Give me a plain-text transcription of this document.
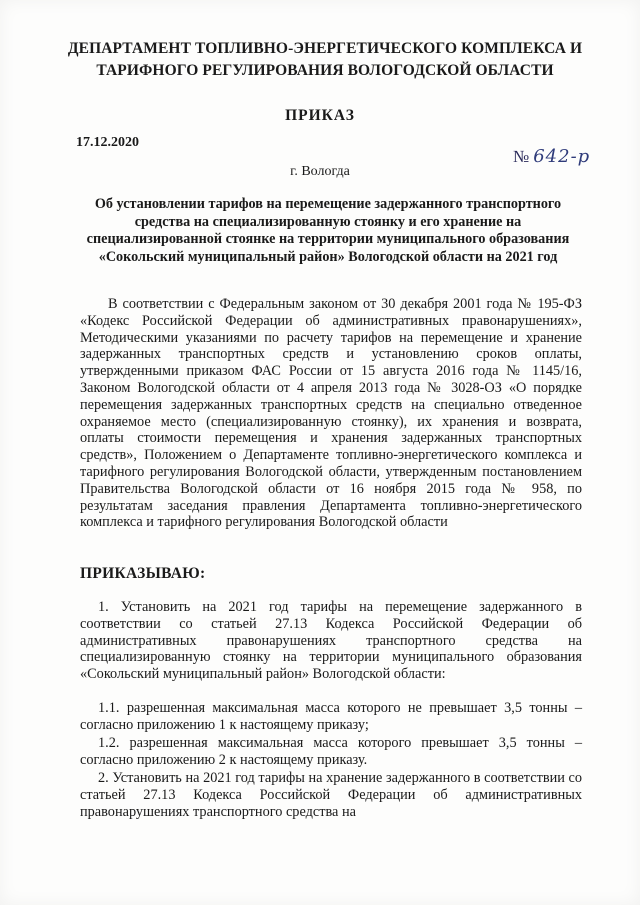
ДЕПАРТАМЕНТ ТОПЛИВНО-ЭНЕРГЕТИЧЕСКОГО КОМПЛЕКСА И ТАРИФНОГО РЕГУЛИРОВАНИЯ ВОЛОГОДСКОЙ ОБЛАСТИ
ПРИКАЗ
17.12.2020
№ 642-р
г. Вологда
Об установлении тарифов на перемещение задержанного транспортного средства на специализированную стоянку и его хранение на специализированной стоянке на территории муниципального образования «Сокольский муниципальный район» Вологодской области на 2021 год
В соответствии с Федеральным законом от 30 декабря 2001 года № 195-ФЗ «Кодекс Российской Федерации об административных правонарушениях», Методическими указаниями по расчету тарифов на перемещение и хранение задержанных транспортных средств и установлению сроков оплаты, утвержденными приказом ФАС России от 15 августа 2016 года № 1145/16, Законом Вологодской области от 4 апреля 2013 года № 3028-ОЗ «О порядке перемещения задержанных транспортных средств на специально отведенное охраняемое место (специализированную стоянку), их хранения и возврата, оплаты стоимости перемещения и хранения задержанных транспортных средств», Положением о Департаменте топливно-энергетического комплекса и тарифного регулирования Вологодской области, утвержденным постановлением Правительства Вологодской области от 16 ноября 2015 года № 958, по результатам заседания правления Департамента топливно-энергетического комплекса и тарифного регулирования Вологодской области
ПРИКАЗЫВАЮ:
1. Установить на 2021 год тарифы на перемещение задержанного в соответствии со статьей 27.13 Кодекса Российской Федерации об административных правонарушениях транспортного средства на специализированную стоянку на территории муниципального образования «Сокольский муниципальный район» Вологодской области:
1.1. разрешенная максимальная масса которого не превышает 3,5 тонны – согласно приложению 1 к настоящему приказу;
1.2. разрешенная максимальная масса которого превышает 3,5 тонны – согласно приложению 2 к настоящему приказу.
2. Установить на 2021 год тарифы на хранение задержанного в соответствии со статьей 27.13 Кодекса Российской Федерации об административных правонарушениях транспортного средства на
